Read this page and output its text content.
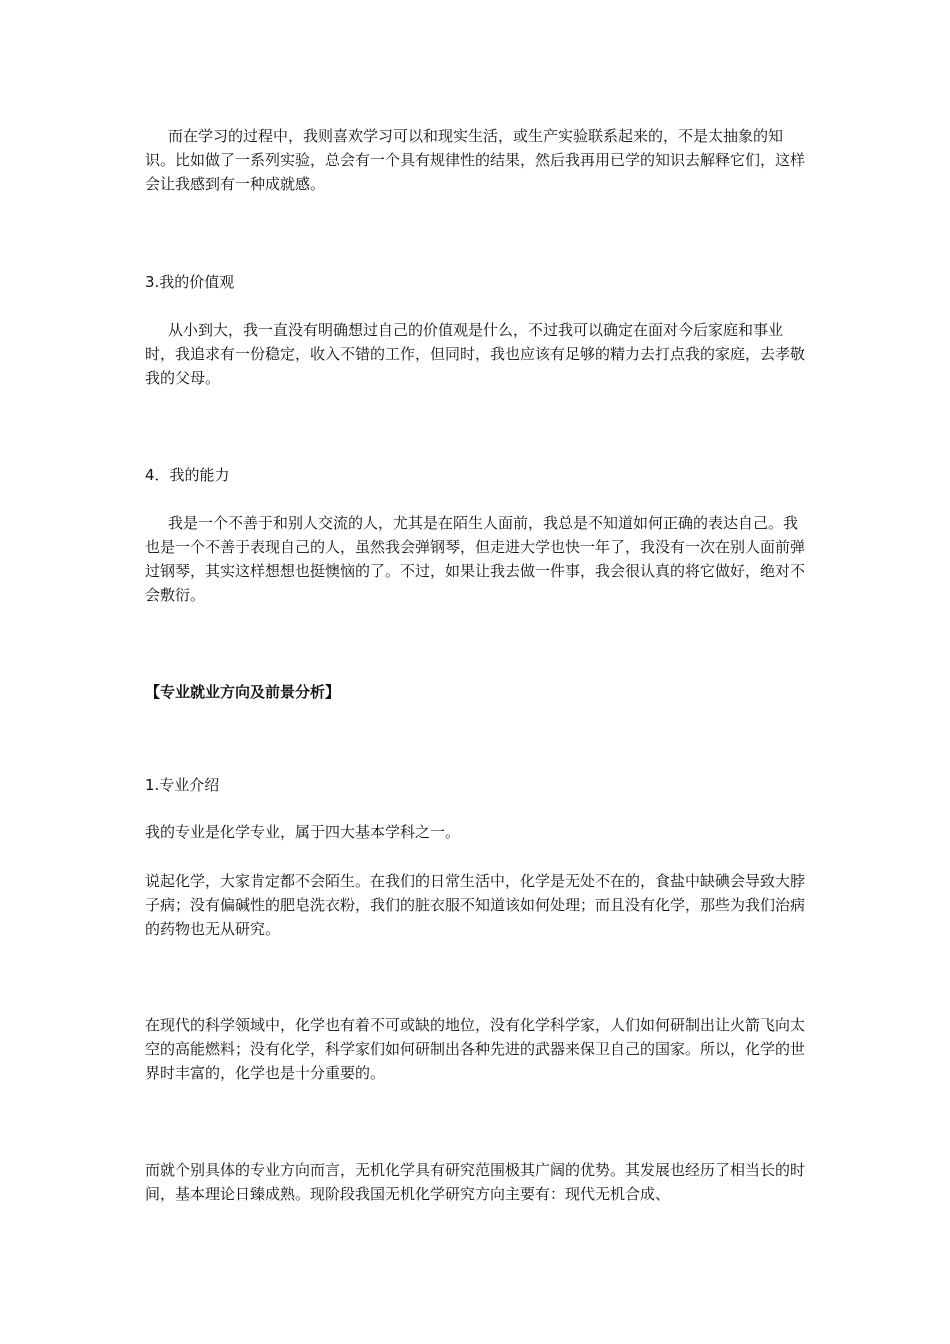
而在学习的过程中，我则喜欢学习可以和现实生活，或生产实验联系起来的，不是太抽象的知识。比如做了一系列实验，总会有一个具有规律性的结果，然后我再用已学的知识去解释它们，这样会让我感到有一种成就感。

3.我的价值观

从小到大，我一直没有明确想过自己的价值观是什么，不过我可以确定在面对今后家庭和事业时，我追求有一份稳定，收入不错的工作，但同时，我也应该有足够的精力去打点我的家庭，去孝敬我的父母。

4．我的能力

我是一个不善于和别人交流的人，尤其是在陌生人面前，我总是不知道如何正确的表达自己。我也是一个不善于表现自己的人，虽然我会弹钢琴，但走进大学也快一年了，我没有一次在别人面前弹过钢琴，其实这样想想也挺懊恼的了。不过，如果让我去做一件事，我会很认真的将它做好，绝对不会敷衍。

【专业就业方向及前景分析】

1.专业介绍

我的专业是化学专业，属于四大基本学科之一。

说起化学，大家肯定都不会陌生。在我们的日常生活中，化学是无处不在的，食盐中缺碘会导致大脖子病；没有偏碱性的肥皂洗衣粉，我们的脏衣服不知道该如何处理；而且没有化学，那些为我们治病的药物也无从研究。

在现代的科学领域中，化学也有着不可或缺的地位，没有化学科学家，人们如何研制出让火箭飞向太空的高能燃料；没有化学，科学家们如何研制出各种先进的武器来保卫自己的国家。所以，化学的世界时丰富的，化学也是十分重要的。

而就个别具体的专业方向而言，无机化学具有研究范围极其广阔的优势。其发展也经历了相当长的时间，基本理论日臻成熟。现阶段我国无机化学研究方向主要有：现代无机合成、
